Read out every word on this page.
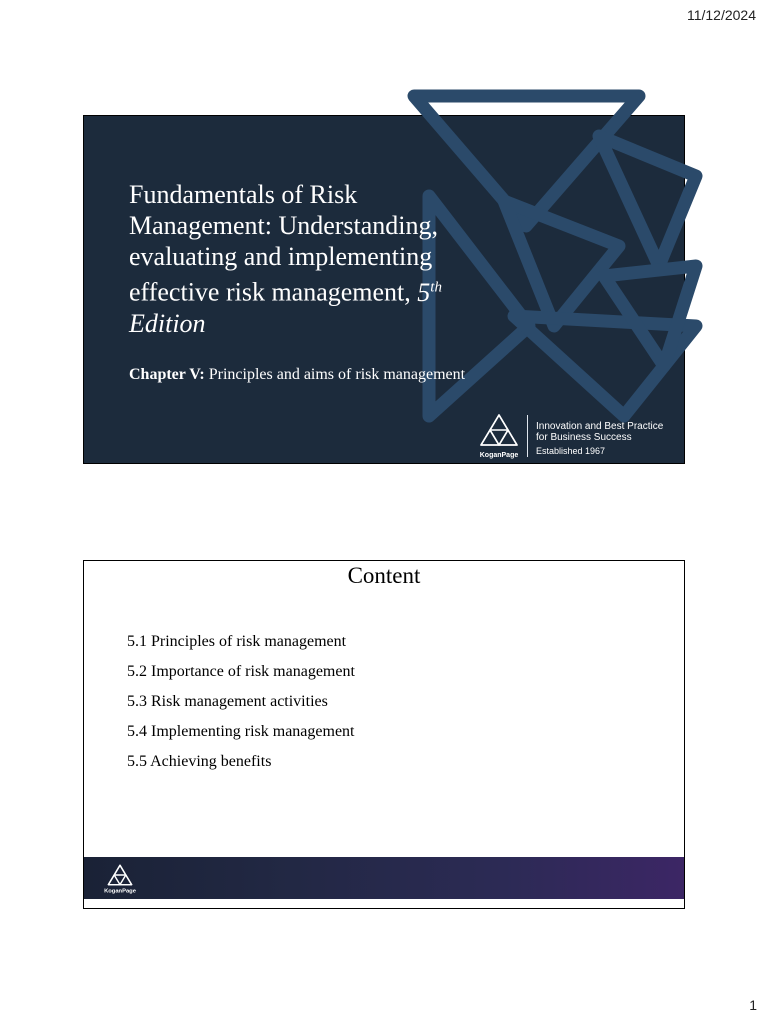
11/12/2024
Fundamentals of Risk
Management: Understanding,
evaluating and implementing
effective risk management, 5th
Edition
Chapter V: Principles and aims of risk management
KoganPage
Innovation and Best Practice
for Business Success
Established 1967
Content
5.1 Principles of risk management
5.2 Importance of risk management
5.3 Risk management activities
5.4 Implementing risk management
5.5 Achieving benefits
KoganPage
1
